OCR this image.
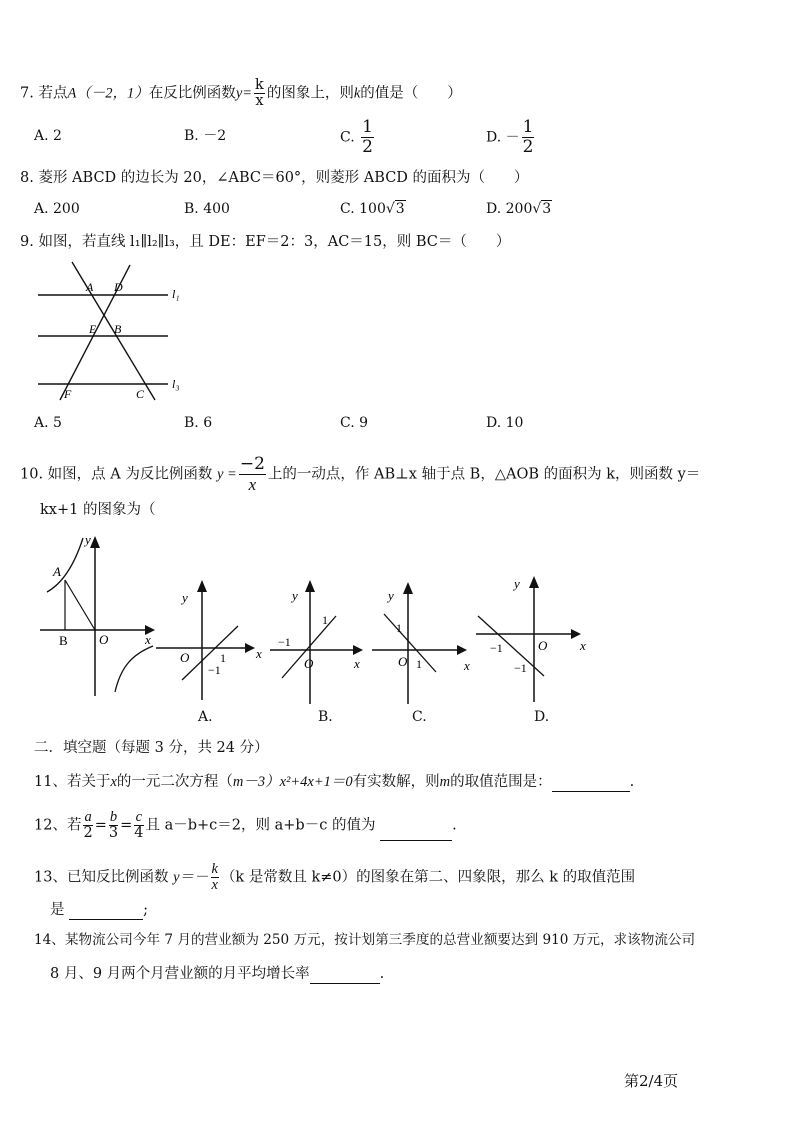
7. 若点A（－2，1）在反比例函数$y= \frac{k}{x}$ 的图象上，则k的值是（　　）
A. 2	B. －2	C. $\frac{1}{2}$	D. － $\frac{1}{2}$
8. 菱形 ABCD 的边长为 20，∠ABC＝60°，则菱形 ABCD 的面积为（　　）
A. 200	B. 400	C. 100√3	D. 200√3
9. 如图，若直线 l₁∥l₂∥l₃，且 DE：EF＝2：3，AC＝15，则 BC＝（　　）
A D
E B
F	C
l₁
l₃
A. 5	B. 6	C. 9	D. 10
10. 如图，点 A 为反比例函数 $y = \frac{-2}{x}$ 上的一动点，作 AB⊥x 轴于点 B，△AOB 的面积为 k，则函数 y＝
kx+1 的图象为（
y
A
B O	x
y
O	1
−1
x
A.
y
1
−1
O	x
B.
y
1
O 1	x
C.
y
−1	O
−1
x
D.
二．填空题（每题 3 分，共 24 分）
11、若关于x的一元二次方程（m－3）x²+4x+1＝0有实数解，则m的取值范围是：	.
12、若 $\frac{a}{2} = \frac{b}{3} = \frac{c}{4}$ 且 a－b+c＝2，则 a+b－c 的值为	.
13、已知反比例函数 $y=- \frac{k}{x} (k$ 是常数且 k≠0）的图象在第二、四象限，那么 k 的取值范围
是	;
14、某物流公司今年 7 月的营业额为 250 万元，按计划第三季度的总营业额要达到 910 万元，求该物流公司
8 月、9 月两个月营业额的月平均增长率	.
第2/4页
